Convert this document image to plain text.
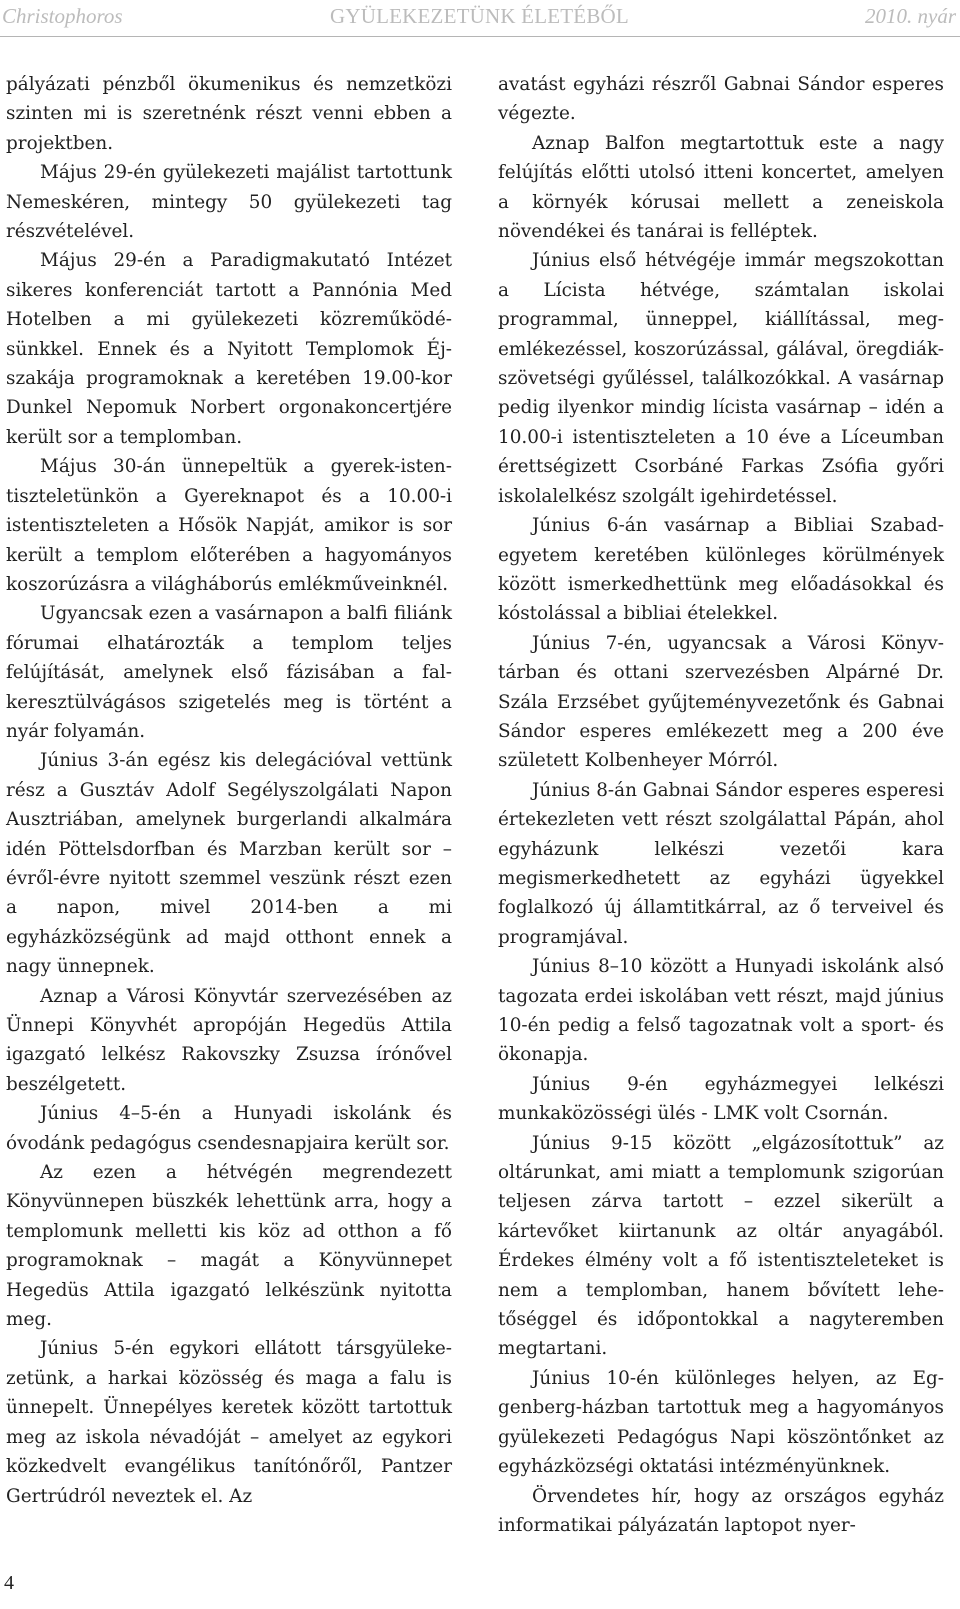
Christophoros	GYÜLEKEZETÜNK ÉLETÉBŐL	2010. nyár

pályázati pénzből ökumenikus és nemzetközi szinten mi is szeretnénk részt venni ebben a projektben.

Május 29-én gyülekezeti majálist tartottunk Nemeskéren, mintegy 50 gyülekezeti tag részvételével.

Május 29-én a Paradigmakutató Intézet sikeres konferenciát tartott a Pannónia Med Hotelben a mi gyülekezeti közreműködésünkkel. Ennek és a Nyitott Templomok Éjszakája programoknak a keretében 19.00-kor Dunkel Nepomuk Norbert orgonakoncertjére került sor a templomban.

Május 30-án ünnepeltük a gyerek-istentiszteletünkön a Gyereknapot és a 10.00-i istentiszteleten a Hősök Napját, amikor is sor került a templom előterében a hagyományos koszorúzásra a világháborús emlékműveinknél.

Ugyancsak ezen a vasárnapon a balfi filiánk fórumai elhatározták a templom teljes felújítását, amelynek első fázisában a falkeresztülvágásos szigetelés meg is történt a nyár folyamán.

Június 3-án egész kis delegációval vettünk rész a Gusztáv Adolf Segélyszolgálati Napon Ausztriában, amelynek burgerlandi alkalmára idén Pöttelsdorfban és Marzban került sor – évről-évre nyitott szemmel veszünk részt ezen a napon, mivel 2014-ben a mi egyházközségünk ad majd otthont ennek a nagy ünnepnek.

Aznap a Városi Könyvtár szervezésében az Ünnepi Könyvhét apropóján Hegedüs Attila igazgató lelkész Rakovszky Zsuzsa írónővel beszélgetett.

Június 4–5-én a Hunyadi iskolánk és óvodánk pedagógus csendesnapjaira került sor.

Az ezen a hétvégén megrendezett Könyvünnepen büszkék lehettünk arra, hogy a templomunk melletti kis köz ad otthon a fő programoknak – magát a Könyvünnepet Hegedüs Attila igazgató lelkészünk nyitotta meg.

Június 5-én egykori ellátott társgyülekezetünk, a harkai közösség és maga a falu is ünnepelt. Ünnepélyes keretek között tartottuk meg az iskola névadóját – amelyet az egykori közkedvelt evangélikus tanítónőről, Pantzer Gertrúdról neveztek el. Az

avatást egyházi részről Gabnai Sándor esperes végezte.

Aznap Balfon megtartottuk este a nagy felújítás előtti utolsó itteni koncertet, amelyen a környék kórusai mellett a zeneiskola növendékei és tanárai is felléptek.

Június első hétvégéje immár megszokottan a Lícista hétvége, számtalan iskolai programmal, ünneppel, kiállítással, megemlékezéssel, koszorúzással, gálával, öregdiák-szövetségi gyűléssel, találkozókkal. A vasárnap pedig ilyenkor mindig lícista vasárnap – idén a 10.00-i istentiszteleten a 10 éve a Líceumban érettségizett Csorbáné Farkas Zsófia győri iskolalelkész szolgált igehirdetéssel.

Június 6-án vasárnap a Bibliai Szabadegyetem keretében különleges körülmények között ismerkedhettünk meg előadásokkal és kóstolással a bibliai ételekkel.

Június 7-én, ugyancsak a Városi Könyvtárban és ottani szervezésben Alpárné Dr. Szála Erzsébet gyűjteményvezetőnk és Gabnai Sándor esperes emlékezett meg a 200 éve született Kolbenheyer Mórról.

Június 8-án Gabnai Sándor esperes esperesi értekezleten vett részt szolgálattal Pápán, ahol egyházunk lelkészi vezetői kara megismerkedhetett az egyházi ügyekkel foglalkozó új államtitkárral, az ő terveivel és programjával.

Június 8–10 között a Hunyadi iskolánk alsó tagozata erdei iskolában vett részt, majd június 10-én pedig a felső tagozatnak volt a sport- és ökonapja.

Június 9-én egyházmegyei lelkészi munkaközösségi ülés - LMK volt Csornán.

Június 9-15 között „elgázosítottuk” az oltárunkat, ami miatt a templomunk szigorúan teljesen zárva tartott – ezzel sikerült a kártevőket kiirtanunk az oltár anyagából. Érdekes élmény volt a fő istentiszteleteket is nem a templomban, hanem bővített lehetőséggel és időpontokkal a nagyteremben megtartani.

Június 10-én különleges helyen, az Eggenberg-házban tartottuk meg a hagyományos gyülekezeti Pedagógus Napi köszöntőnket az egyházközségi oktatási intézményünknek.

Örvendetes hír, hogy az országos egyház informatikai pályázatán laptopot nyer-

4
